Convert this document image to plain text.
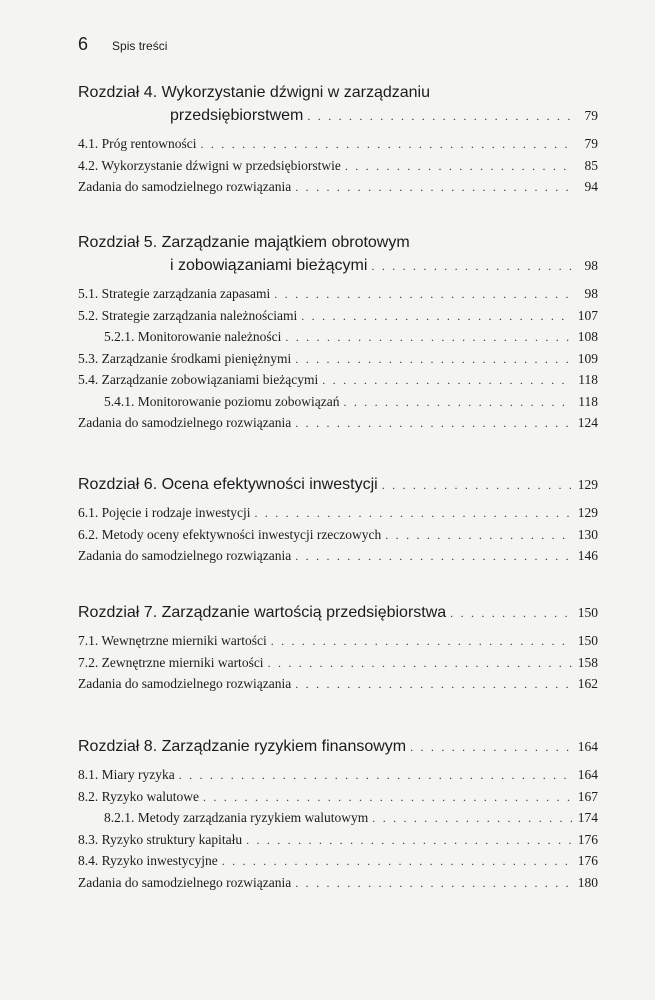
6 Spis treści
Rozdział 4. Wykorzystanie dźwigni w zarządzaniu
przedsiębiorstwem . . .	79
4.1. Próg rentowności . . .	79
4.2. Wykorzystanie dźwigni w przedsiębiorstwie . . .	85
Zadania do samodzielnego rozwiązania . . .	94
Rozdział 5. Zarządzanie majątkiem obrotowym
i zobowiązaniami bieżącymi . . .	98
5.1. Strategie zarządzania zapasami . . .	98
5.2. Strategie zarządzania należnościami . . .	107
5.2.1. Monitorowanie należności . . .	108
5.3. Zarządzanie środkami pieniężnymi . . .	109
5.4. Zarządzanie zobowiązaniami bieżącymi . . .	118
5.4.1. Monitorowanie poziomu zobowiązań . . .	118
Zadania do samodzielnego rozwiązania . . .	124
Rozdział 6. Ocena efektywności inwestycji . . .	129
6.1. Pojęcie i rodzaje inwestycji . . .	129
6.2. Metody oceny efektywności inwestycji rzeczowych . . .	130
Zadania do samodzielnego rozwiązania . . .	146
Rozdział 7. Zarządzanie wartością przedsiębiorstwa . . .	150
7.1. Wewnętrzne mierniki wartości . . .	150
7.2. Zewnętrzne mierniki wartości . . .	158
Zadania do samodzielnego rozwiązania . . .	162
Rozdział 8. Zarządzanie ryzykiem finansowym . . .	164
8.1. Miary ryzyka . . .	164
8.2. Ryzyko walutowe . . .	167
8.2.1. Metody zarządzania ryzykiem walutowym . . .	174
8.3. Ryzyko struktury kapitału . . .	176
8.4. Ryzyko inwestycyjne . . .	176
Zadania do samodzielnego rozwiązania . . .	180
